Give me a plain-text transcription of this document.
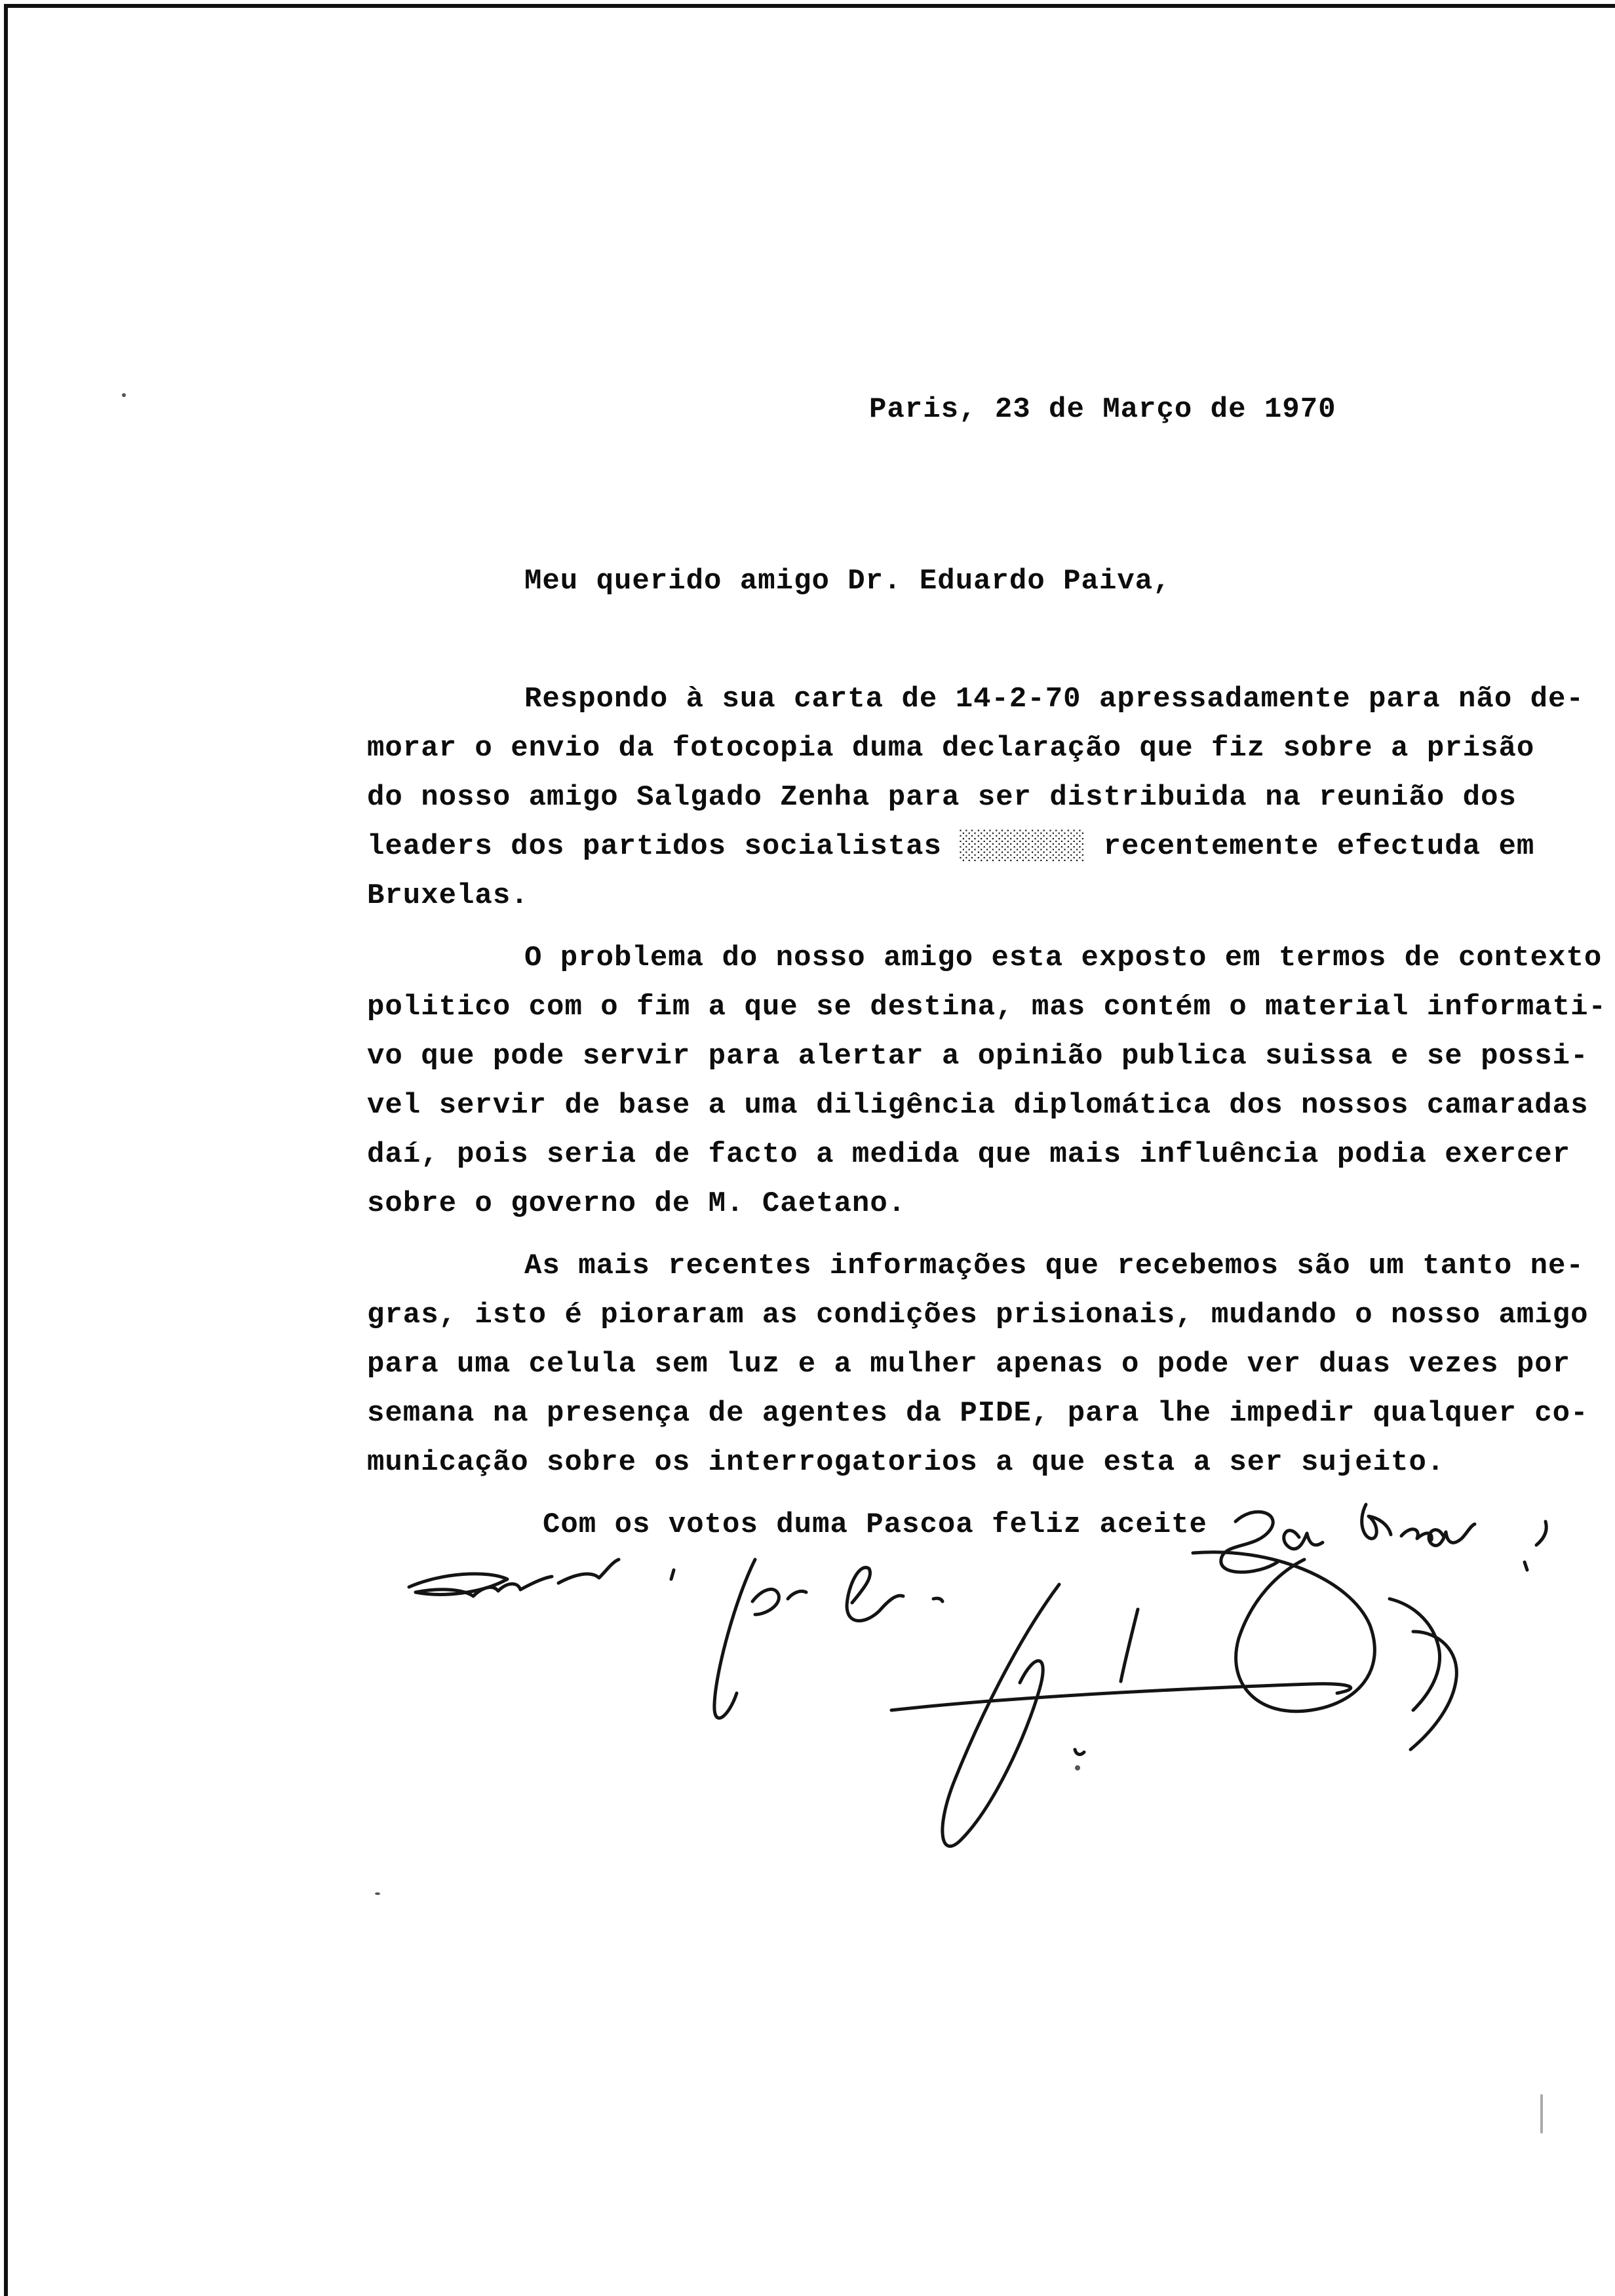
Paris, 23 de Março de 1970
Meu querido amigo Dr. Eduardo Paiva,
Respondo à sua carta de 14-2-70 apressadamente para não de-
morar o envio da fotocopia duma declaração que fiz sobre a prisão
do nosso amigo Salgado Zenha para ser distribuida na reunião dos
leaders dos partidos socialistas ░░░░░░░ recentemente efectuda em
Bruxelas.
O problema do nosso amigo esta exposto em termos de contexto
politico com o fim a que se destina, mas contém o material informati-
vo que pode servir para alertar a opinião publica suissa e se possi-
vel servir de base a uma diligência diplomática dos nossos camaradas
daí, pois seria de facto a medida que mais influência podia exercer
sobre o governo de M. Caetano.
As mais recentes informações que recebemos são um tanto ne-
gras, isto é pioraram as condições prisionais, mudando o nosso amigo
para uma celula sem luz e a mulher apenas o pode ver duas vezes por
semana na presença de agentes da PIDE, para lhe impedir qualquer co-
municação sobre os interrogatorios a que esta a ser sujeito.
Com os votos duma Pascoa feliz aceite
